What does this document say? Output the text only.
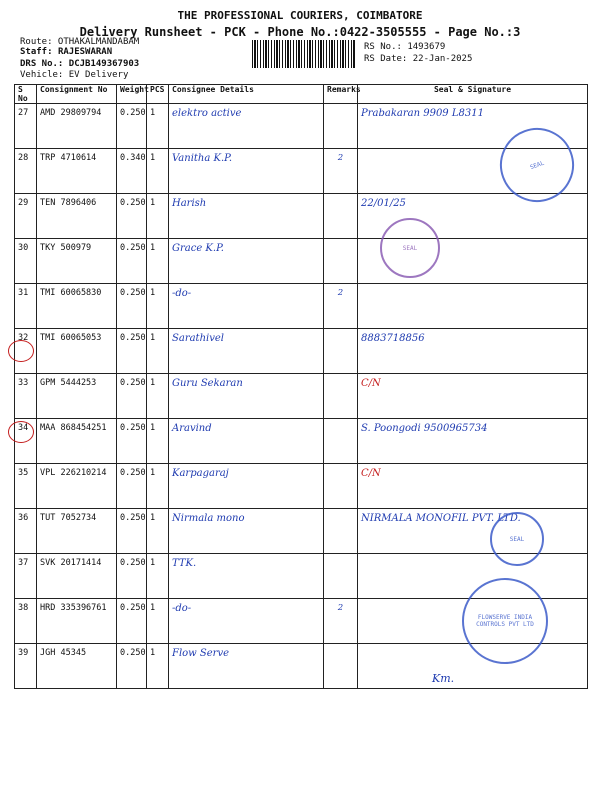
THE PROFESSIONAL COURIERS, COIMBATORE
Delivery Runsheet - PCK - Phone No.:0422-3505555 - Page No.:3
Route: OTHAKALMANDABAM
Staff: RAJESWARAN
DRS No.: DCJB149367903
Vehicle: EV Delivery
RS No.: 1493679
RS Date: 22-Jan-2025
S No	Consignment No	Weight	PCS	Consignee Details	Remarks	Seal & Signature
27	AMD 29809794	0.250	1	elektro active		Prabakaran 9909 L8311
28	TRP 4710614	0.340	1	Vanitha K.P.	2	
29	TEN 7896406	0.250	1	Harish		22/01/25
30	TKY 500979	0.250	1	Grace K.P.		
31	TMI 60065830	0.250	1	-do-	2	
32	TMI 60065053	0.250	1	Sarathivel		8883718856
33	GPM 5444253	0.250	1	Guru Sekaran		C/N
34	MAA 868454251	0.250	1	Aravind		S. Poongodi 9500965734
35	VPL 226210214	0.250	1	Karpagaraj		C/N
36	TUT 7052734	0.250	1	Nirmala mono		NIRMALA MONOFIL PVT. LTD.
37	SVK 20171414	0.250	1	TTK.		
38	HRD 335396761	0.250	1	-do-	2	
39	JGH 45345	0.250	1	Flow Serve		
SEAL
SEAL
SEAL
FLOWSERVE INDIA CONTROLS PVT LTD
Km.
